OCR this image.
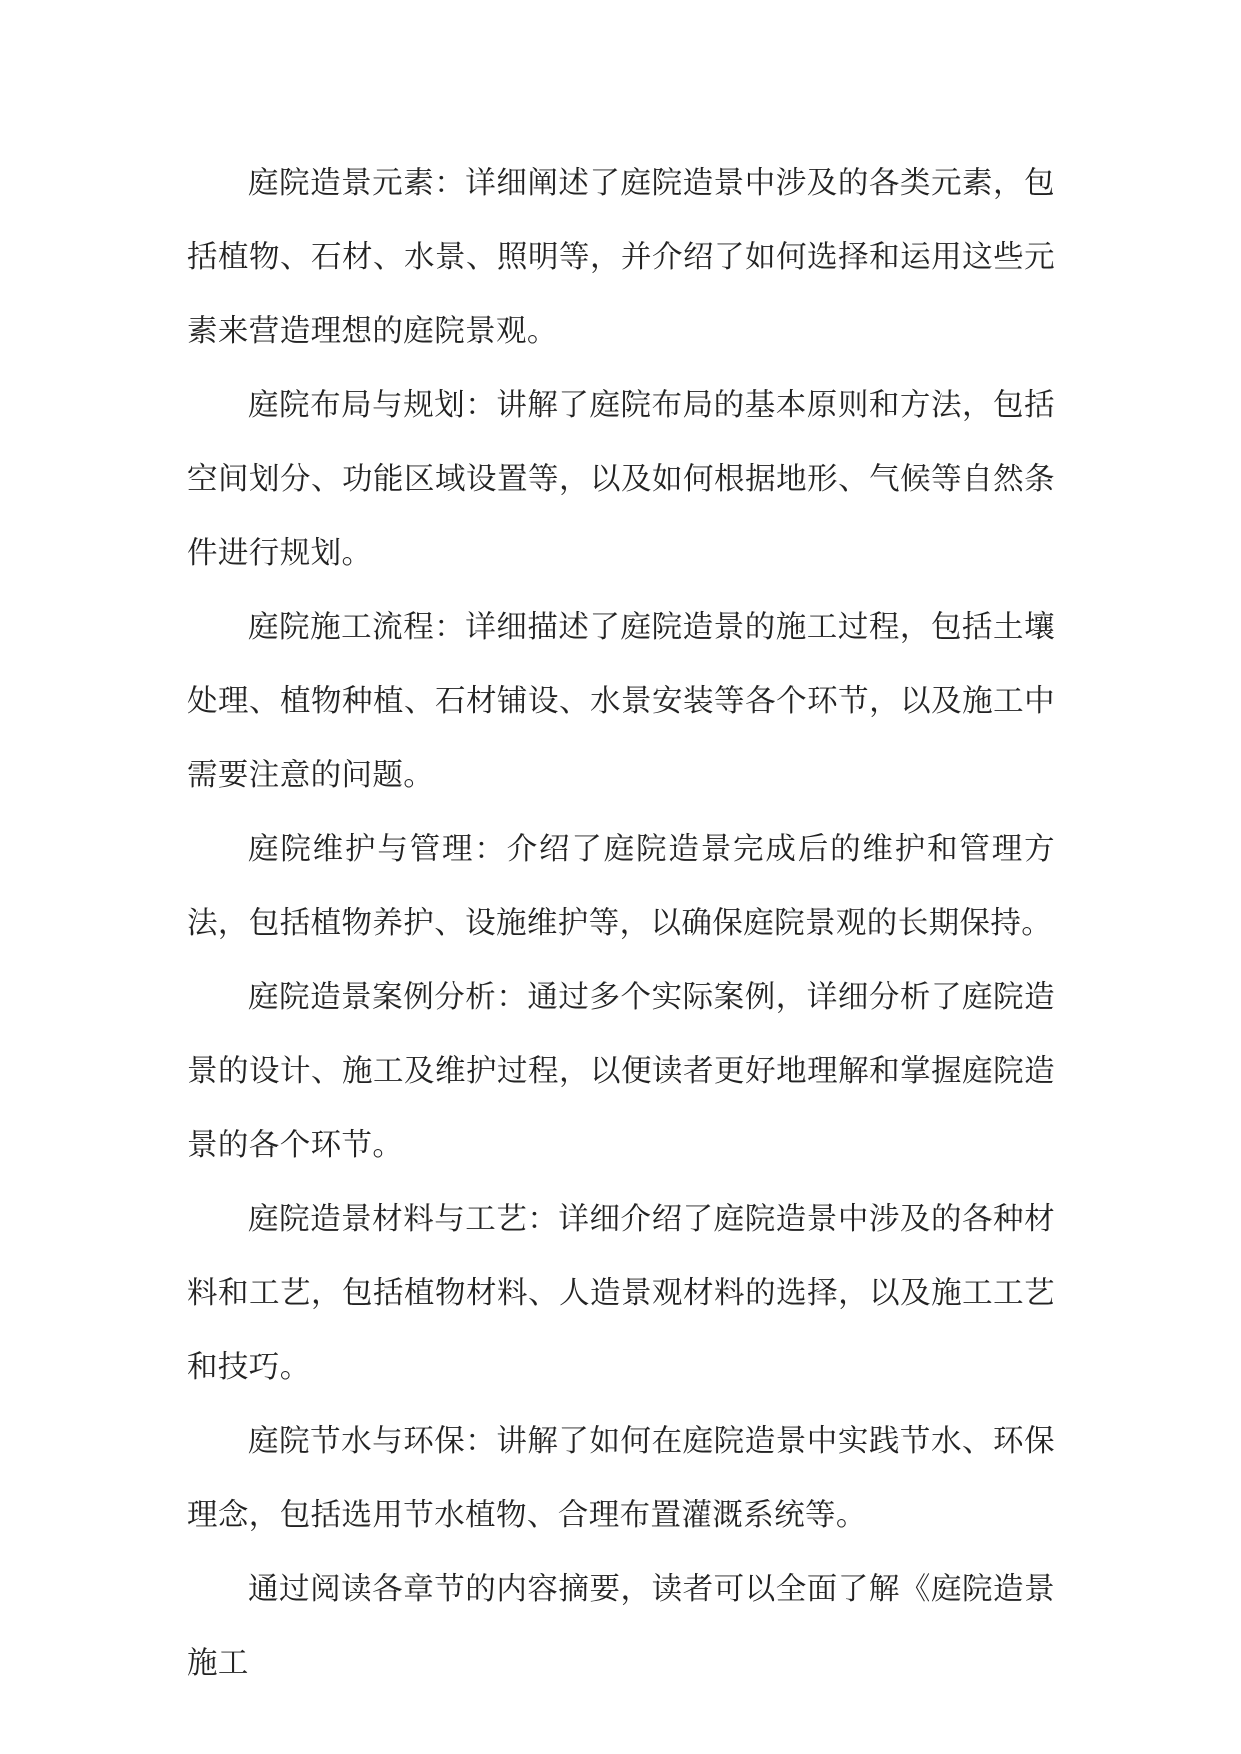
庭院造景元素：详细阐述了庭院造景中涉及的各类元素，包括植物、石材、水景、照明等，并介绍了如何选择和运用这些元素来营造理想的庭院景观。

庭院布局与规划：讲解了庭院布局的基本原则和方法，包括空间划分、功能区域设置等，以及如何根据地形、气候等自然条件进行规划。

庭院施工流程：详细描述了庭院造景的施工过程，包括土壤处理、植物种植、石材铺设、水景安装等各个环节，以及施工中需要注意的问题。

庭院维护与管理：介绍了庭院造景完成后的维护和管理方法，包括植物养护、设施维护等，以确保庭院景观的长期保持。

庭院造景案例分析：通过多个实际案例，详细分析了庭院造景的设计、施工及维护过程，以便读者更好地理解和掌握庭院造景的各个环节。

庭院造景材料与工艺：详细介绍了庭院造景中涉及的各种材料和工艺，包括植物材料、人造景观材料的选择，以及施工工艺和技巧。

庭院节水与环保：讲解了如何在庭院造景中实践节水、环保理念，包括选用节水植物、合理布置灌溉系统等。

通过阅读各章节的内容摘要，读者可以全面了解《庭院造景施工
